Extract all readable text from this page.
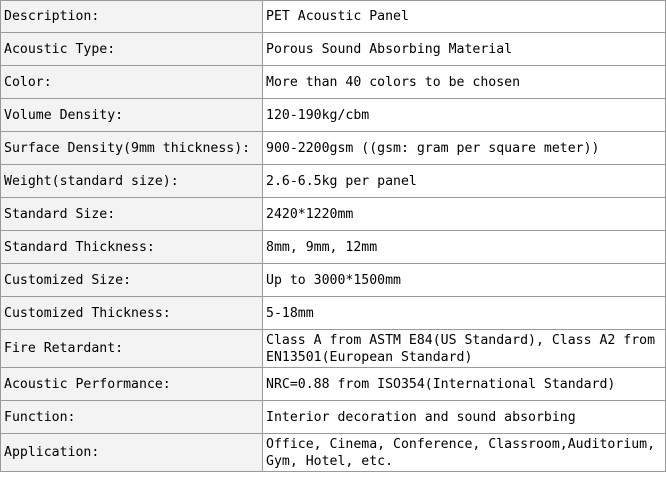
Description:	PET Acoustic Panel
Acoustic Type:	Porous Sound Absorbing Material
Color:	More than 40 colors to be chosen
Volume Density:	120-190kg/cbm
Surface Density(9mm thickness):	900-2200gsm ((gsm: gram per square meter))
Weight(standard size):	2.6-6.5kg per panel
Standard Size:	2420*1220mm
Standard Thickness:	8mm, 9mm, 12mm
Customized Size:	Up to 3000*1500mm
Customized Thickness:	5-18mm
Fire Retardant:	Class A from ASTM E84(US Standard), Class A2 from EN13501(European Standard)
Acoustic Performance:	NRC=0.88 from ISO354(International Standard)
Function:	Interior decoration and sound absorbing
Application:	Office, Cinema, Conference, Classroom,Auditorium, Gym, Hotel, etc.
